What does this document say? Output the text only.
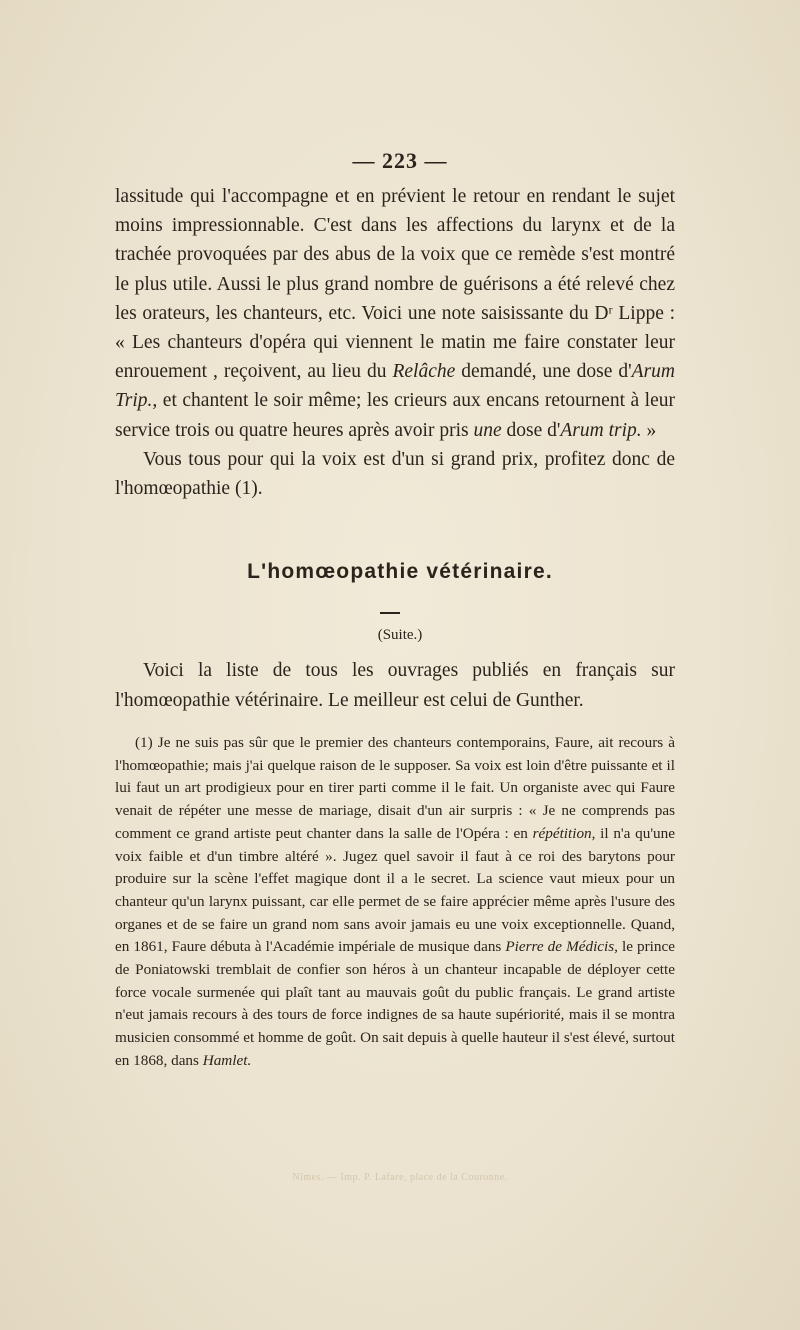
— 223 —

lassitude qui l'accompagne et en prévient le retour en rendant le sujet moins impressionnable. C'est dans les affections du larynx et de la trachée provoquées par des abus de la voix que ce remède s'est montré le plus utile. Aussi le plus grand nombre de guérisons a été relevé chez les orateurs, les chanteurs, etc. Voici une note saisissante du Dʳ Lippe : « Les chanteurs d'opéra qui viennent le matin me faire constater leur enrouement , reçoivent, au lieu du Relâche demandé, une dose d'Arum Trip., et chantent le soir même; les crieurs aux encans retournent à leur service trois ou quatre heures après avoir pris une dose d'Arum trip. »

Vous tous pour qui la voix est d'un si grand prix, profitez donc de l'homœopathie (1).

L'homœopathie vétérinaire.
(Suite.)

Voici la liste de tous les ouvrages publiés en français sur l'homœopathie vétérinaire. Le meilleur est celui de Gunther.

(1) Je ne suis pas sûr que le premier des chanteurs contemporains, Faure, ait recours à l'homœopathie; mais j'ai quelque raison de le supposer. Sa voix est loin d'être puissante et il lui faut un art prodigieux pour en tirer parti comme il le fait. Un organiste avec qui Faure venait de répéter une messe de mariage, disait d'un air surpris : « Je ne comprends pas comment ce grand artiste peut chanter dans la salle de l'Opéra : en répétition, il n'a qu'une voix faible et d'un timbre altéré ». Jugez quel savoir il faut à ce roi des barytons pour produire sur la scène l'effet magique dont il a le secret. La science vaut mieux pour un chanteur qu'un larynx puissant, car elle permet de se faire apprécier même après l'usure des organes et de se faire un grand nom sans avoir jamais eu une voix exceptionnelle. Quand, en 1861, Faure débuta à l'Académie impériale de musique dans Pierre de Médicis, le prince de Poniatowski tremblait de confier son héros à un chanteur incapable de déployer cette force vocale surmenée qui plaît tant au mauvais goût du public français. Le grand artiste n'eut jamais recours à des tours de force indignes de sa haute supériorité, mais il se montra musicien consommé et homme de goût. On sait depuis à quelle hauteur il s'est élevé, surtout en 1868, dans Hamlet.

Nîmes. — Imp. P. Lafare, place de la Couronne.
